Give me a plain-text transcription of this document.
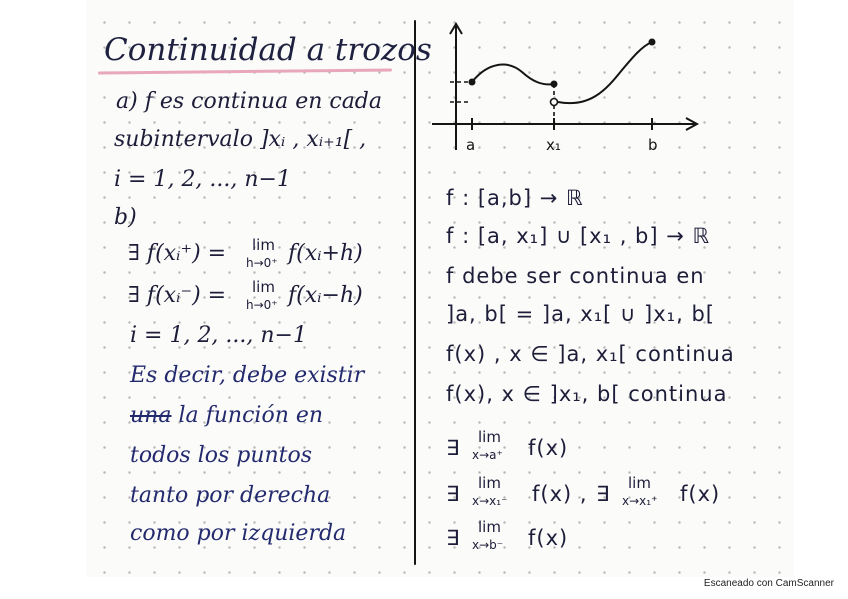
Continuidad a trozos
a) f es continua en cada
subintervalo ]xᵢ , xᵢ₊₁[ ,
i = 1, 2, ..., n−1
b)
∃ f(xᵢ⁺) = lim
h→0⁺ f(xᵢ+h)
∃ f(xᵢ⁻) = lim
h→0⁺ f(xᵢ−h)
i = 1, 2, ..., n−1
Es decir, debe existir
una la función en
todos los puntos
tanto por derecha
como por izquierda
a	x₁	b
f : [a,b] → ℝ
f : [a, x₁] ∪ [x₁ , b] → ℝ
f debe ser continua en
]a, b[ = ]a, x₁[ ∪ ]x₁, b[
f(x) , x ∈ ]a, x₁[ continua
f(x), x ∈ ]x₁, b[ continua
∃ lim
x→a⁺ f(x)
∃ lim
x→x₁⁻ f(x) , ∃ lim
x→x₁⁺ f(x)
∃ lim
x→b⁻ f(x)
Escaneado con CamScanner
